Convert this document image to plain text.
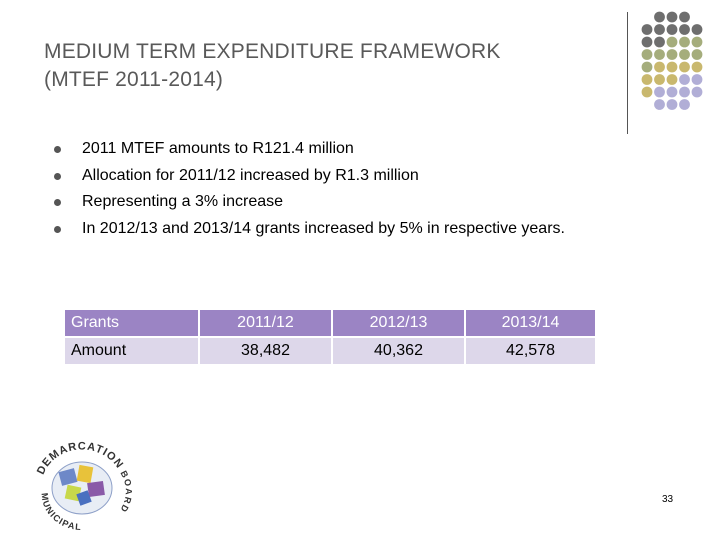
MEDIUM TERM EXPENDITURE FRAMEWORK
(MTEF 2011-2014)
2011 MTEF amounts to R121.4 million
Allocation for 2011/12 increased by R1.3 million
Representing a 3% increase
In 2012/13 and 2013/14 grants increased by 5% in respective years.
Grants	2011/12	2012/13	2013/14
Amount	38,482	40,362	42,578
DEMARCATION
BOARD
MUNICIPAL
33
